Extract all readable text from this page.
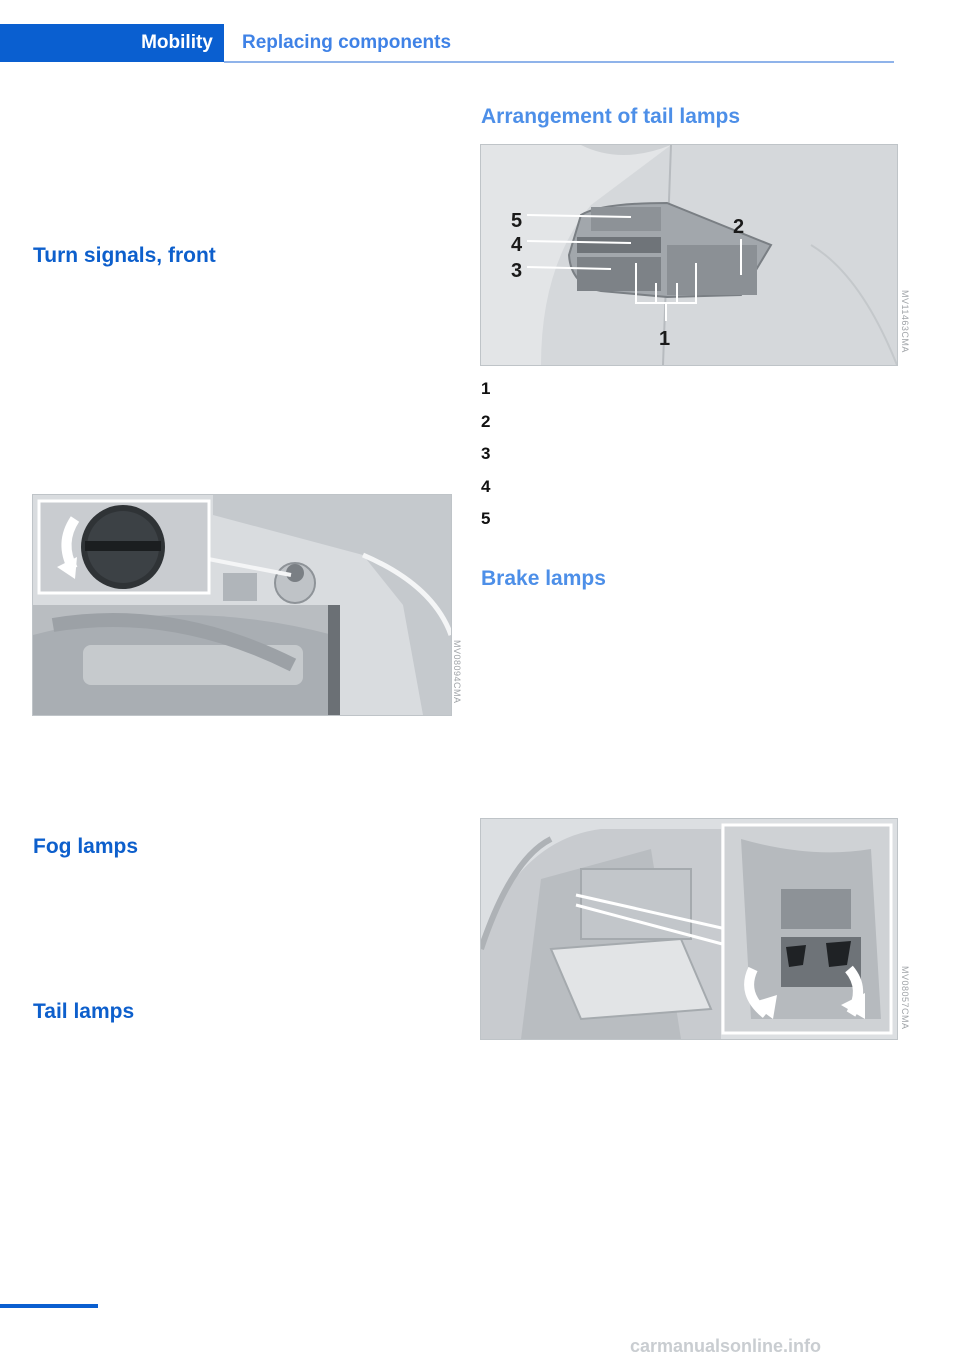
Mobility	Replacing components
Turn signals, front
Fog lamps
Tail lamps
Arrangement of tail lamps
Brake lamps
MV08094CMA
5
4
3
2
1	MV11463CMA
1
2
3
4
5
MV08057CMA
carmanualsonline.info
